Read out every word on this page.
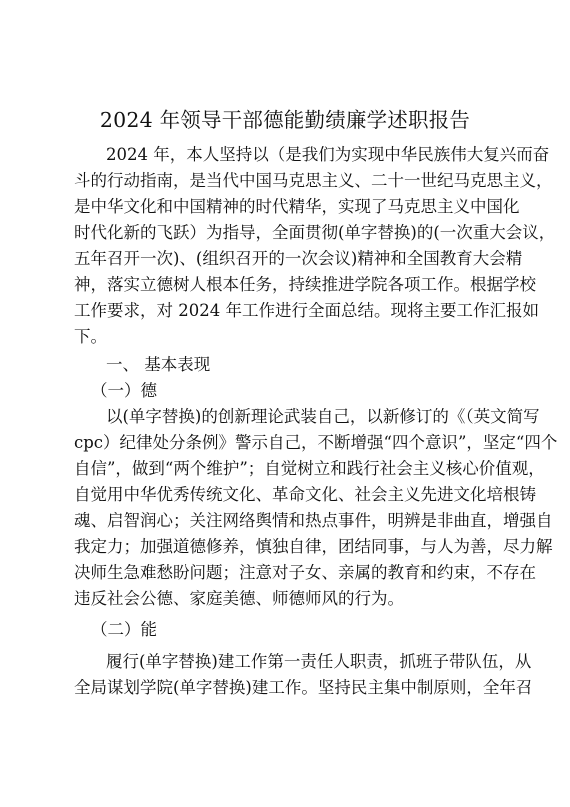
2024 年领导干部德能勤绩廉学述职报告
2024 年，本人坚持以（是我们为实现中华民族伟大复兴而奋
斗的行动指南，是当代中国马克思主义、二十一世纪马克思主义，
是中华文化和中国精神的时代精华，实现了马克思主义中国化
时代化新的飞跃）为指导，全面贯彻(单字替换)的(一次重大会议，
五年召开一次)、(组织召开的一次会议)精神和全国教育大会精
神，落实立德树人根本任务，持续推进学院各项工作。根据学校
工作要求，对 2024 年工作进行全面总结。现将主要工作汇报如
下。
一、 基本表现
（一）德
以(单字替换)的创新理论武装自己，以新修订的《（英文简写
cpc）纪律处分条例》警示自己，不断增强“四个意识”，坚定“四个
自信”，做到“两个维护”；自觉树立和践行社会主义核心价值观，
自觉用中华优秀传统文化、革命文化、社会主义先进文化培根铸
魂、启智润心；关注网络舆情和热点事件，明辨是非曲直，增强自
我定力；加强道德修养，慎独自律，团结同事，与人为善，尽力解
决师生急难愁盼问题；注意对子女、亲属的教育和约束，不存在
违反社会公德、家庭美德、师德师风的行为。
（二）能
履行(单字替换)建工作第一责任人职责，抓班子带队伍，从
全局谋划学院(单字替换)建工作。坚持民主集中制原则，全年召
